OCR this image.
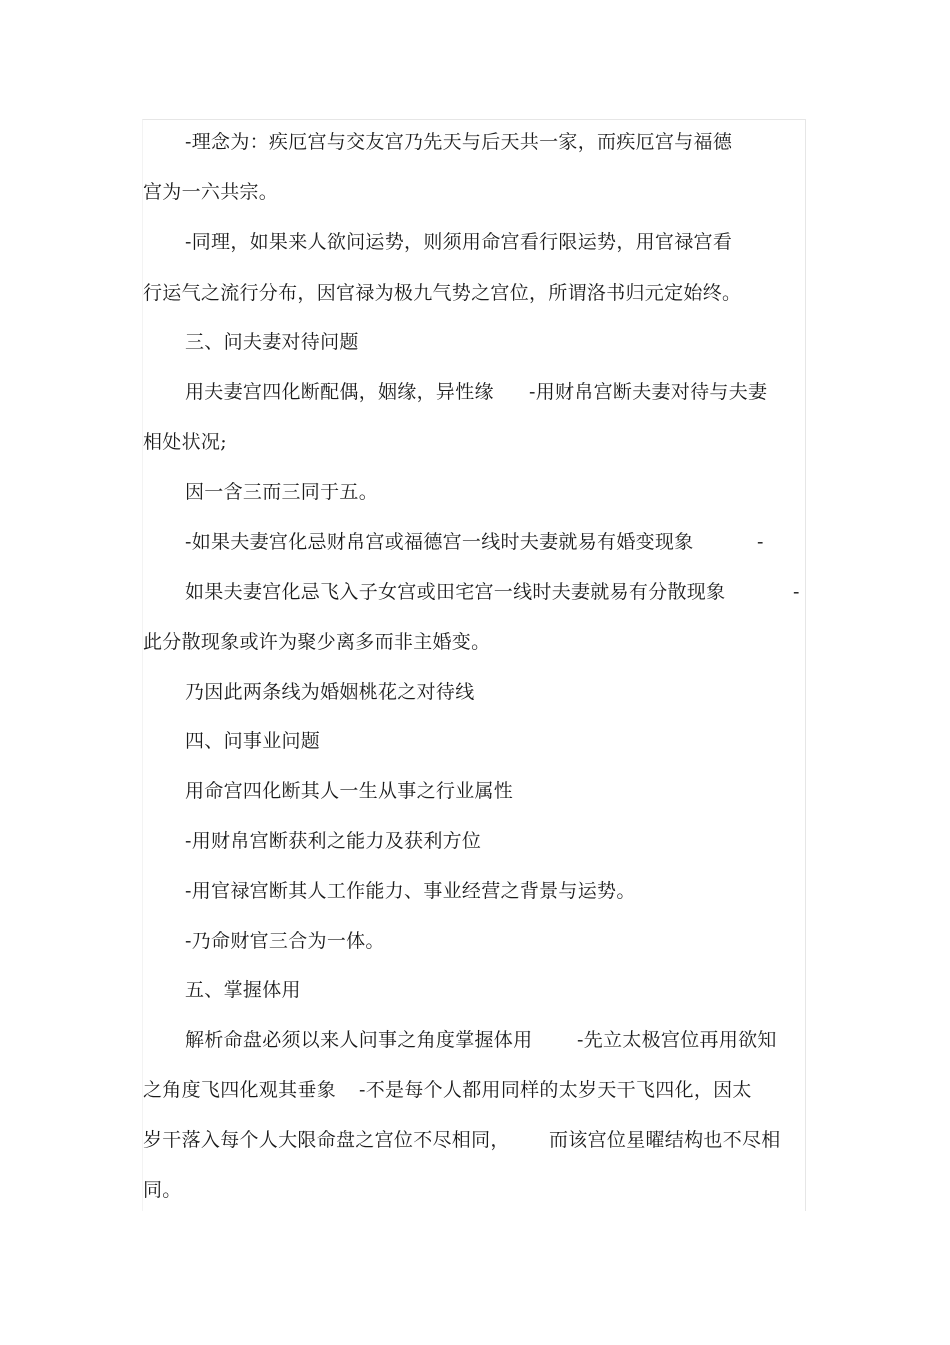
-理念为：疾厄宫与交友宫乃先天与后天共一家，而疾厄宫与福德
宫为一六共宗。
-同理，如果来人欲问运势，则须用命宫看行限运势，用官禄宫看
行运气之流行分布，因官禄为极九气势之宫位，所谓洛书归元定始终。
三、问夫妻对待问题
用夫妻宫四化断配偶，姻缘，异性缘 -用财帛宫断夫妻对待与夫妻
相处状况;
因一含三而三同于五。
-如果夫妻宫化忌财帛宫或福德宫一线时夫妻就易有婚变现象	-
如果夫妻宫化忌飞入子女宫或田宅宫一线时夫妻就易有分散现象	-
此分散现象或许为聚少离多而非主婚变。
乃因此两条线为婚姻桃花之对待线
四、问事业问题
用命宫四化断其人一生从事之行业属性
-用财帛宫断获利之能力及获利方位
-用官禄宫断其人工作能力、事业经营之背景与运势。
-乃命财官三合为一体。
五、掌握体用
解析命盘必须以来人问事之角度掌握体用 -先立太极宫位再用欲知
之角度飞四化观其垂象 -不是每个人都用同样的太岁天干飞四化，因太
岁干落入每个人大限命盘之宫位不尽相同， 而该宫位星曜结构也不尽相
同。
